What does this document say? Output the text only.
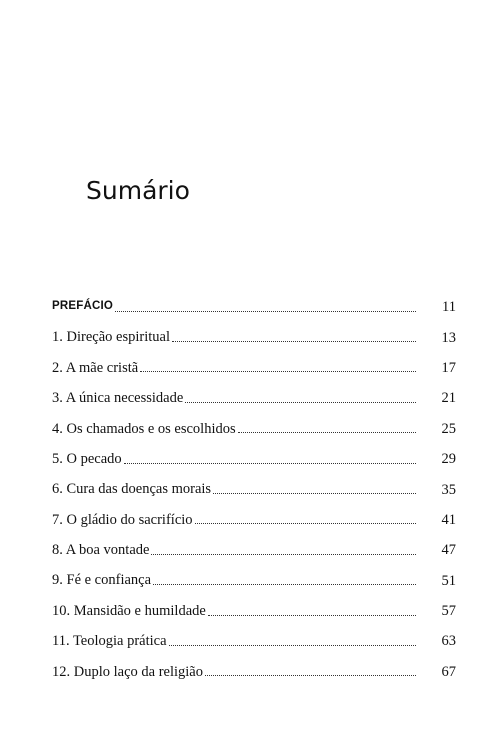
Sumário
PREFÁCIO	11
1. Direção espiritual	13
2. A mãe cristã	17
3. A única necessidade	21
4. Os chamados e os escolhidos	25
5. O pecado	29
6. Cura das doenças morais	35
7. O gládio do sacrifício	41
8. A boa vontade	47
9. Fé e confiança	51
10. Mansidão e humildade	57
11. Teologia prática	63
12. Duplo laço da religião	67
